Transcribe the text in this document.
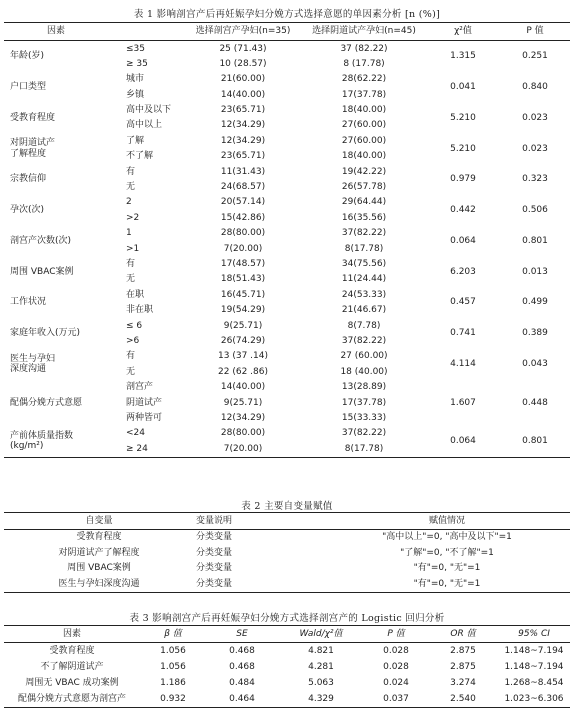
表 1 影响剖宫产后再妊娠孕妇分娩方式选择意愿的单因素分析 [n (%)]
因素		选择剖宫产孕妇(n=35)	选择阴道试产孕妇(n=45)	χ²值	P 值
年龄(岁)	≤35	25 (71.43)	37 (82.22)	1.315	0.251
	≥ 35	10 (28.57)	8 (17.78)		
户口类型	城市	21(60.00)	28(62.22)	0.041	0.840
	乡镇	14(40.00)	17(37.78)		
受教育程度	高中及以下	23(65.71)	18(40.00)	5.210	0.023
	高中以上	12(34.29)	27(60.00)		

对阴道试产
了解程度	了解	12(34.29)	27(60.00)	5.210	0.023
	不了解	23(65.71)	18(40.00)		
宗教信仰	有	11(31.43)	19(42.22)	0.979	0.323
	无	24(68.57)	26(57.78)		
孕次(次)	2	20(57.14)	29(64.44)	0.442	0.506
	>2	15(42.86)	16(35.56)		
剖宫产次数(次)	1	28(80.00)	37(82.22)	0.064	0.801
	>1	7(20.00)	8(17.78)		
周围 VBAC案例	有	17(48.57)	34(75.56)	6.203	0.013
	无	18(51.43)	11(24.44)		
工作状况	在职	16(45.71)	24(53.33)	0.457	0.499
	非在职	19(54.29)	21(46.67)		
家庭年收入(万元)	≤ 6	9(25.71)	8(7.78)	0.741	0.389
	>6	26(74.29)	37(82.22)		

医生与孕妇
深度沟通	有	13 (37 .14)	27 (60.00)	4.114	0.043
	无	22 (62 .86)	18 (40.00)		
配偶分娩方式意愿	剖宫产	14(40.00)	13(28.89)	1.607	0.448
	阴道试产	9(25.71)	17(37.78)		
	两种皆可	12(34.29)	15(33.33)		

产前体质量指数
(kg/m²)	<24	28(80.00)	37(82.22)	0.064	0.801
	≥ 24	7(20.00)	8(17.78)		
表 2 主要自变量赋值
自变量	变量说明	赋值情况
受教育程度	分类变量	"高中以上"=0, "高中及以下"=1
对阴道试产了解程度	分类变量	"了解"=0, "不了解"=1
周围 VBAC案例	分类变量	"有"=0, "无"=1
医生与孕妇深度沟通	分类变量	"有"=0, "无"=1
表 3 影响剖宫产后再妊娠孕妇分娩方式选择剖宫产的 Logistic 回归分析
因素	β 值	SE	Wald/χ²值	P 值	OR 值	95% CI
受教育程度	1.056	0.468	4.821	0.028	2.875	1.148~7.194
不了解阴道试产	1.056	0.468	4.281	0.028	2.875	1.148~7.194
周围无 VBAC 成功案例	1.186	0.484	5.063	0.024	3.274	1.268~8.454
配偶分娩方式意愿为剖宫产	0.932	0.464	4.329	0.037	2.540	1.023~6.306
